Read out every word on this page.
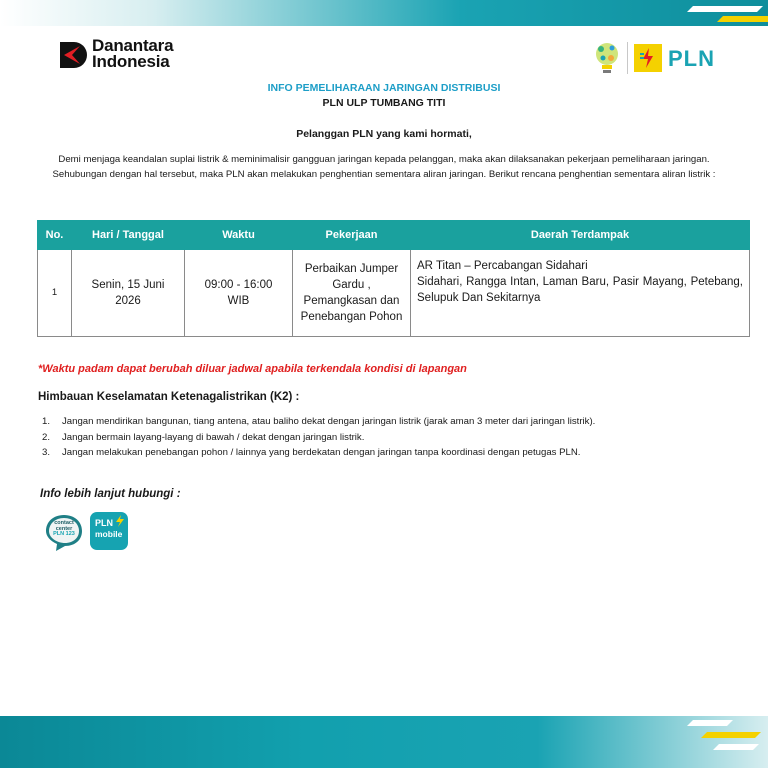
Danantara
Indonesia	PLN
INFO PEMELIHARAAN JARINGAN DISTRIBUSI
PLN ULP TUMBANG TITI
Pelanggan PLN yang kami hormati,
Demi menjaga keandalan suplai listrik & meminimalisir gangguan jaringan kepada pelanggan, maka akan dilaksanakan pekerjaan pemeliharaan jaringan.
Sehubungan dengan hal tersebut, maka PLN akan melakukan penghentian sementara aliran jaringan. Berikut rencana penghentian sementara aliran listrik :
No.	Hari / Tanggal	Waktu	Pekerjaan	Daerah Terdampak
1	Senin, 15 Juni 2026	09:00 - 16:00 WIB	Perbaikan Jumper Gardu , Pemangkasan dan Penebangan Pohon	AR Titan – Percabangan Sidahari
Sidahari, Rangga Intan, Laman Baru, Pasir Mayang, Petebang, Selupuk Dan Sekitarnya
*Waktu padam dapat berubah diluar jadwal apabila terkendala kondisi di lapangan
Himbauan Keselamatan Ketenagalistrikan (K2) :
1. Jangan mendirikan bangunan, tiang antena, atau baliho dekat dengan jaringan listrik (jarak aman 3 meter dari jaringan listrik).
2. Jangan bermain layang-layang di bawah / dekat dengan jaringan listrik.
3. Jangan melakukan penebangan pohon / lainnya yang berdekatan dengan jaringan tanpa koordinasi dengan petugas PLN.
Info lebih lanjut hubungi :
contact
center
PLN 123
PLN
mobile
